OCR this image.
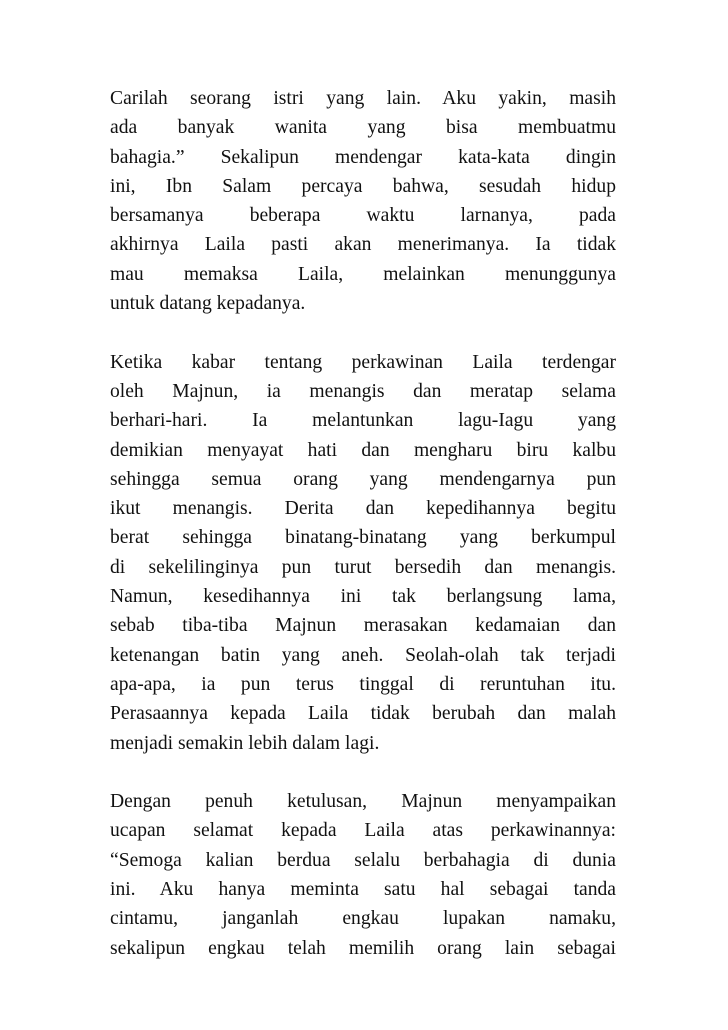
Carilah seorang istri yang lain. Aku yakin, masih
ada banyak wanita yang bisa membuatmu
bahagia.” Sekalipun mendengar kata-kata dingin
ini, Ibn Salam percaya bahwa, sesudah hidup
bersamanya beberapa waktu larnanya, pada
akhirnya Laila pasti akan menerimanya. Ia tidak
mau memaksa Laila, melainkan menunggunya
untuk datang kepadanya.
Ketika kabar tentang perkawinan Laila terdengar
oleh Majnun, ia menangis dan meratap selama
berhari-hari. Ia melantunkan lagu-Iagu yang
demikian menyayat hati dan mengharu biru kalbu
sehingga semua orang yang mendengarnya pun
ikut menangis. Derita dan kepedihannya begitu
berat sehingga binatang-binatang yang berkumpul
di sekelilinginya pun turut bersedih dan menangis.
Namun, kesedihannya ini tak berlangsung lama,
sebab tiba-tiba Majnun merasakan kedamaian dan
ketenangan batin yang aneh. Seolah-olah tak terjadi
apa-apa, ia pun terus tinggal di reruntuhan itu.
Perasaannya kepada Laila tidak berubah dan malah
menjadi semakin lebih dalam lagi.
Dengan penuh ketulusan, Majnun menyampaikan
ucapan selamat kepada Laila atas perkawinannya:
“Semoga kalian berdua selalu berbahagia di dunia
ini. Aku hanya meminta satu hal sebagai tanda
cintamu, janganlah engkau lupakan namaku,
sekalipun engkau telah memilih orang lain sebagai
